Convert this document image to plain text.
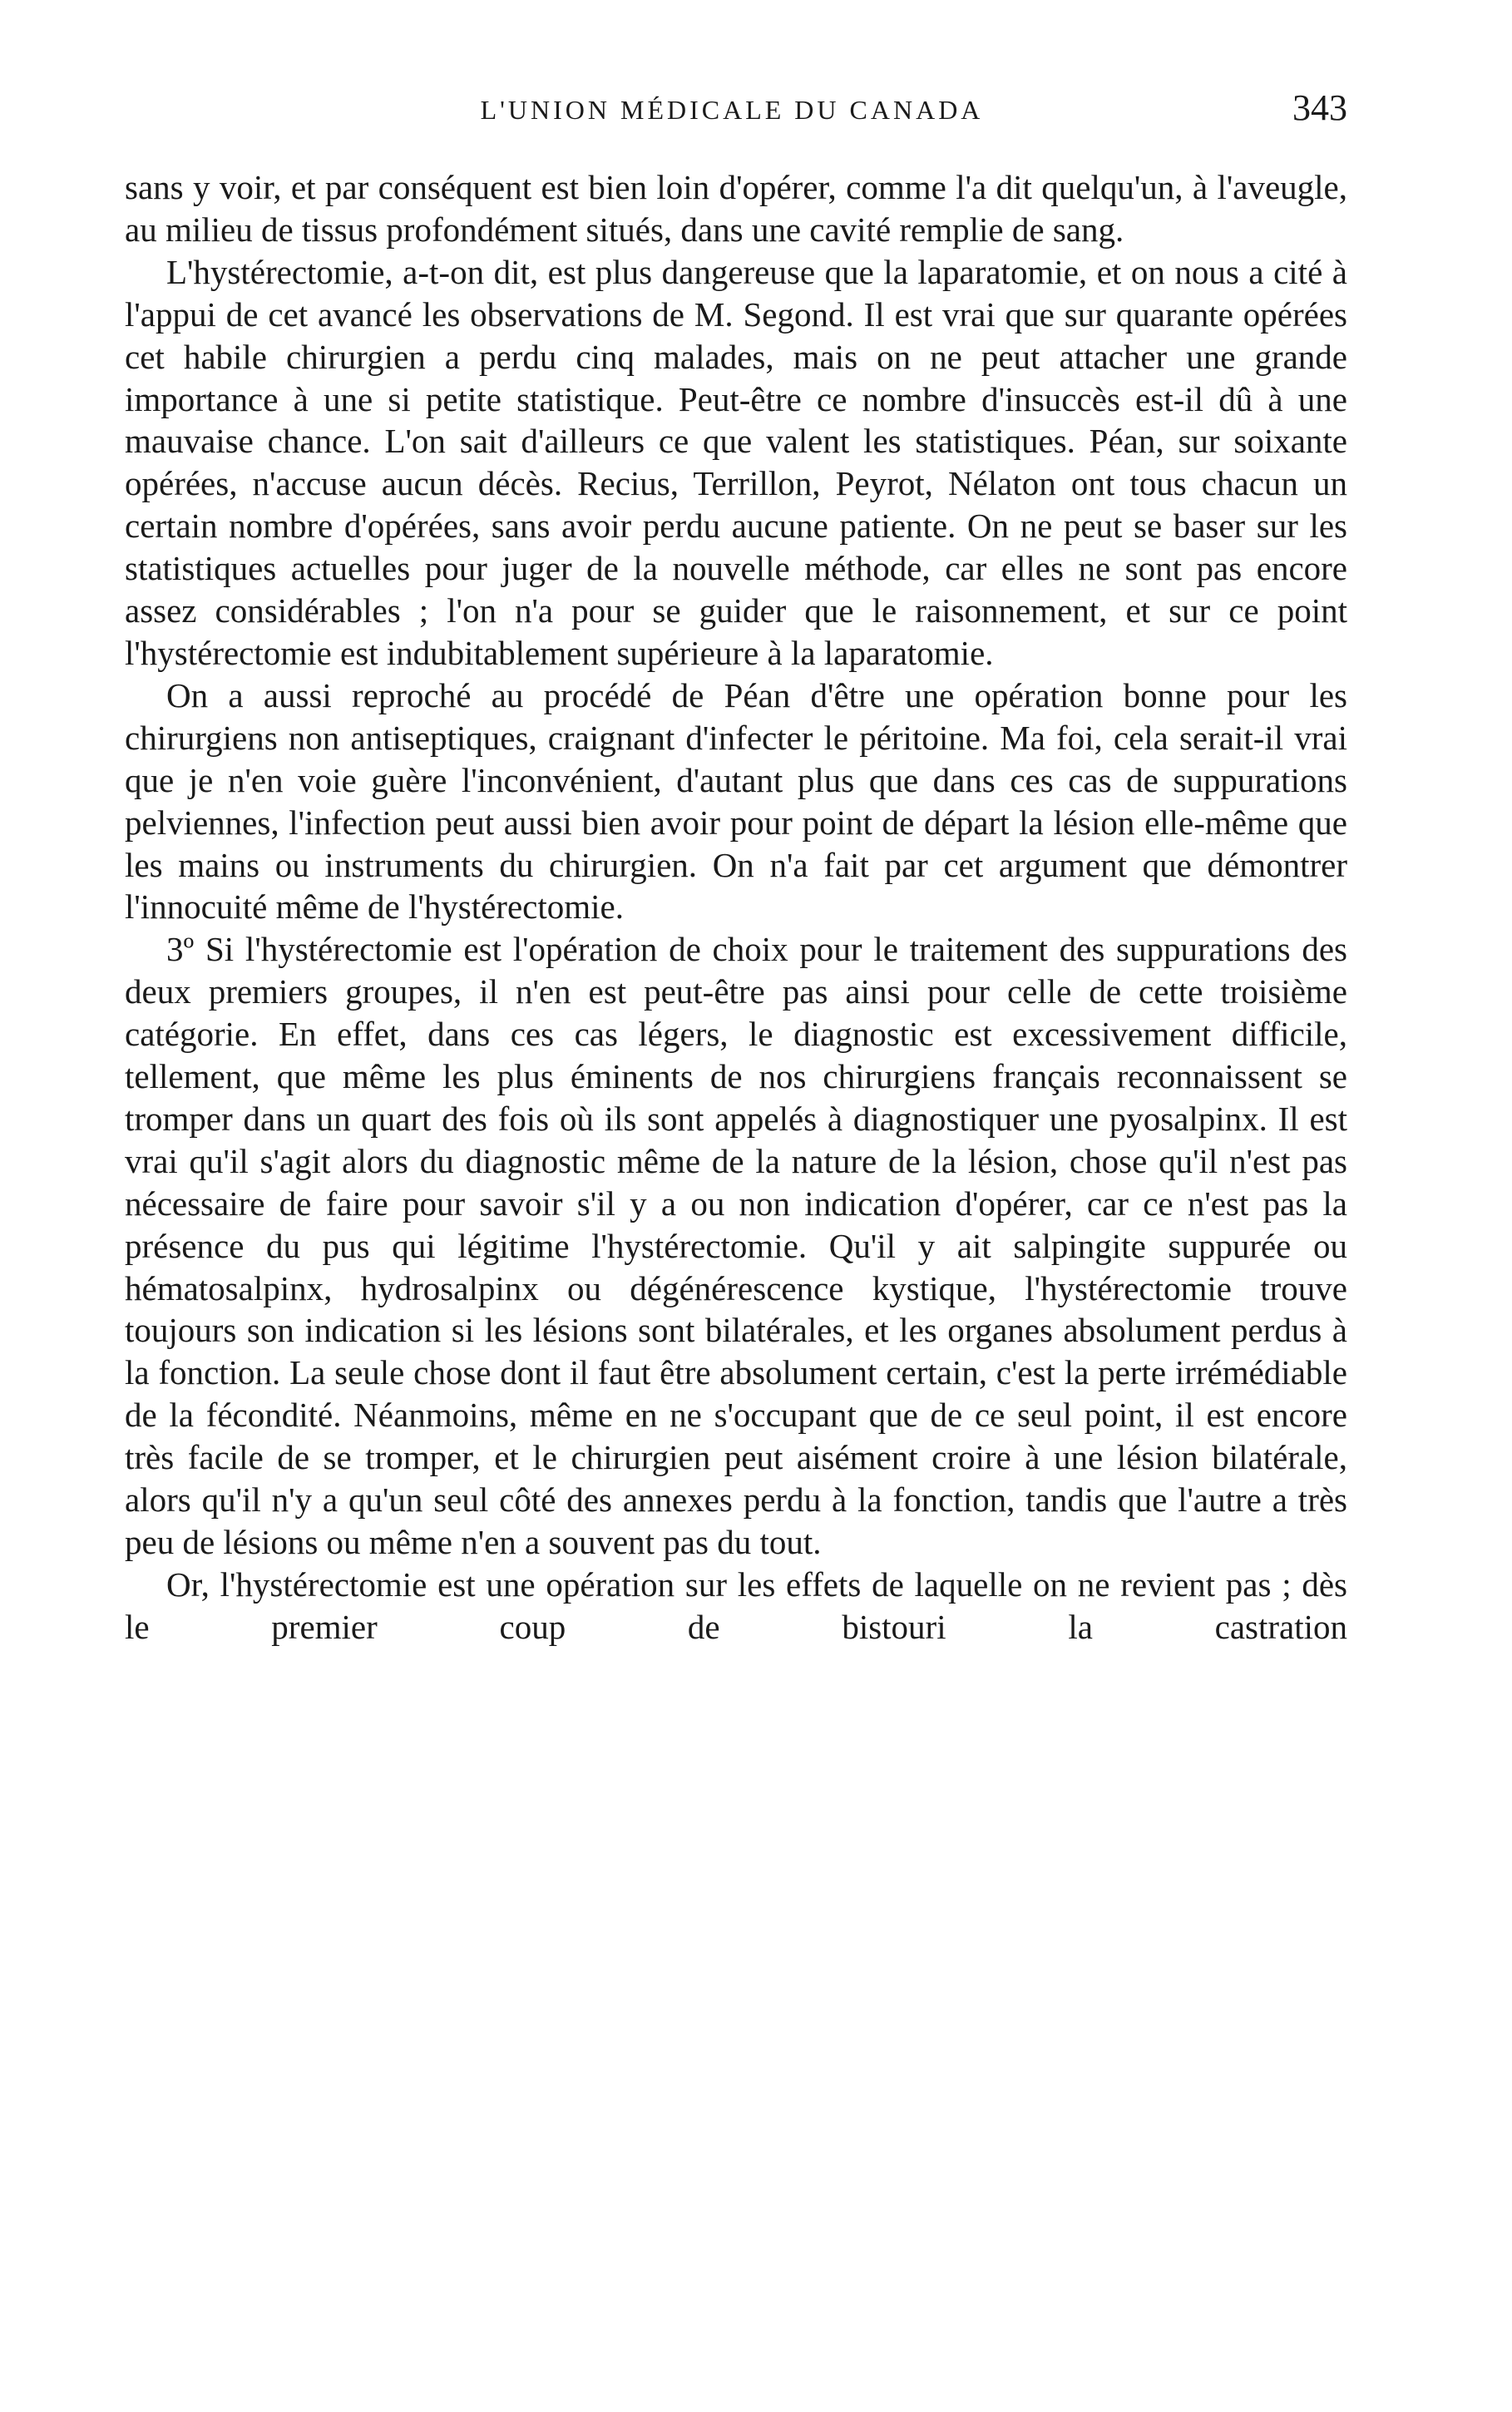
L'UNION MÉDICALE DU CANADA	343

sans y voir, et par conséquent est bien loin d'opérer, comme l'a dit quelqu'un, à l'aveugle, au milieu de tissus profondément situés, dans une cavité remplie de sang.

L'hystérectomie, a-t-on dit, est plus dangereuse que la laparatomie, et on nous a cité à l'appui de cet avancé les observations de M. Segond. Il est vrai que sur quarante opérées cet habile chirurgien a perdu cinq malades, mais on ne peut attacher une grande importance à une si petite statistique. Peut-être ce nombre d'insuccès est-il dû à une mauvaise chance. L'on sait d'ailleurs ce que valent les statistiques. Péan, sur soixante opérées, n'accuse aucun décès. Recius, Terrillon, Peyrot, Nélaton ont tous chacun un certain nombre d'opérées, sans avoir perdu aucune patiente. On ne peut se baser sur les statistiques actuelles pour juger de la nouvelle méthode, car elles ne sont pas encore assez considérables ; l'on n'a pour se guider que le raisonnement, et sur ce point l'hystérectomie est indubitablement supérieure à la laparatomie.

On a aussi reproché au procédé de Péan d'être une opération bonne pour les chirurgiens non antiseptiques, craignant d'infecter le péritoine. Ma foi, cela serait-il vrai que je n'en voie guère l'inconvénient, d'autant plus que dans ces cas de suppurations pelviennes, l'infection peut aussi bien avoir pour point de départ la lésion elle-même que les mains ou instruments du chirurgien. On n'a fait par cet argument que démontrer l'innocuité même de l'hystérectomie.

3º Si l'hystérectomie est l'opération de choix pour le traitement des suppurations des deux premiers groupes, il n'en est peut-être pas ainsi pour celle de cette troisième catégorie. En effet, dans ces cas légers, le diagnostic est excessivement difficile, tellement, que même les plus éminents de nos chirurgiens français reconnaissent se tromper dans un quart des fois où ils sont appelés à diagnostiquer une pyosalpinx. Il est vrai qu'il s'agit alors du diagnostic même de la nature de la lésion, chose qu'il n'est pas nécessaire de faire pour savoir s'il y a ou non indication d'opérer, car ce n'est pas la présence du pus qui légitime l'hystérectomie. Qu'il y ait salpingite suppurée ou hématosalpinx, hydrosalpinx ou dégénérescence kystique, l'hystérectomie trouve toujours son indication si les lésions sont bilatérales, et les organes absolument perdus à la fonction. La seule chose dont il faut être absolument certain, c'est la perte irrémédiable de la fécondité. Néanmoins, même en ne s'occupant que de ce seul point, il est encore très facile de se tromper, et le chirurgien peut aisément croire à une lésion bilatérale, alors qu'il n'y a qu'un seul côté des annexes perdu à la fonction, tandis que l'autre a très peu de lésions ou même n'en a souvent pas du tout.

Or, l'hystérectomie est une opération sur les effets de laquelle on ne revient pas ; dès le premier coup de bistouri la castration
